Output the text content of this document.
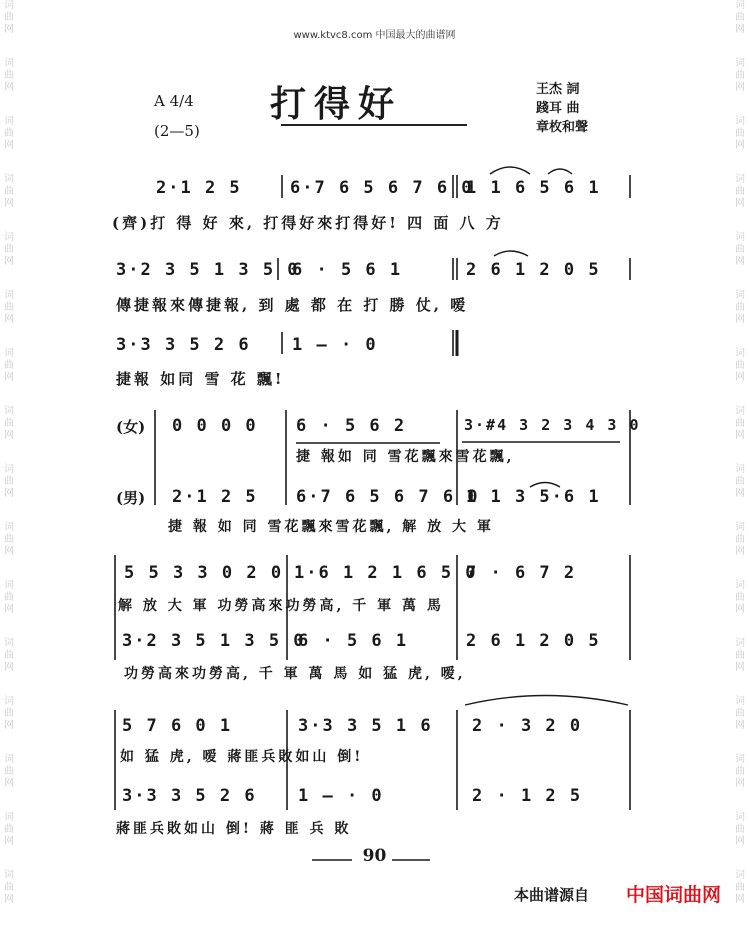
词
曲
网
词
曲
网
词
曲
网
词
曲
网
词
曲
网
词
曲
网
词
曲
网
词
曲
网
词
曲
网
词
曲
网
词
曲
网
词
曲
网
词
曲
网
词
曲
网
词
曲
网
词
曲
网
词
曲
网
词
曲
网
词
曲
网
词
曲
网
词
曲
网
词
曲
网
词
曲
网
词
曲
网
词
曲
网
词
曲
网
词
曲
网
词
曲
网
词
曲
网
词
曲
网
词
曲
网
词
曲
网
www.ktvc8.com 中国最大的曲谱网
A 4/4
(2—5)
打得好	王杰 詞
踐耳 曲
章枚和聲
2·1 2 5	6·7 6 5 6 7 6 0
1 1 6 5 6 1
(齊)打 得 好 來, 打得好來打得好! 四 面 八 方
3·2 3 5 1 3 5 0
6 · 5 6 1	2 6 1 2 0 5
傳捷報來傳捷報, 到 處 都 在 打 勝 仗, 嗳
3·3 3 5 2 6 1 — · 0
捷報 如同 雪 花 飄!
(女) 0 0 0 0 6 · 5 6 2	3·#4 3 2 3 4 3 0
捷 報如 同 雪花飄來雪花飄,
(男) 2·1 2 5 6·7 6 5 6 7 6 0
1 1 3 5·6 1
捷 報 如 同 雪花飄來雪花飄, 解 放 大 軍
5 5 3 3 0 2 0 1·6 1 2 1 6 5 0
7 · 6 7 2
解 放 大 軍 功勞高來功勞高, 千 軍 萬 馬
3·2 3 5 1 3 5 0
6 · 5 6 1	2 6 1 2 0 5
功勞高來功勞高, 千 軍 萬 馬 如 猛 虎, 嗳,
5 7 6 0 1	3·3 3 5 1 6 2 · 3 2 0
如 猛 虎, 嗳 蔣匪兵敗如山 倒!
3·3 3 5 2 6 1 — · 0	2 · 1 2 5
蔣匪兵敗如山 倒! 蔣 匪 兵 敗
90
本曲谱源自 中国词曲网
